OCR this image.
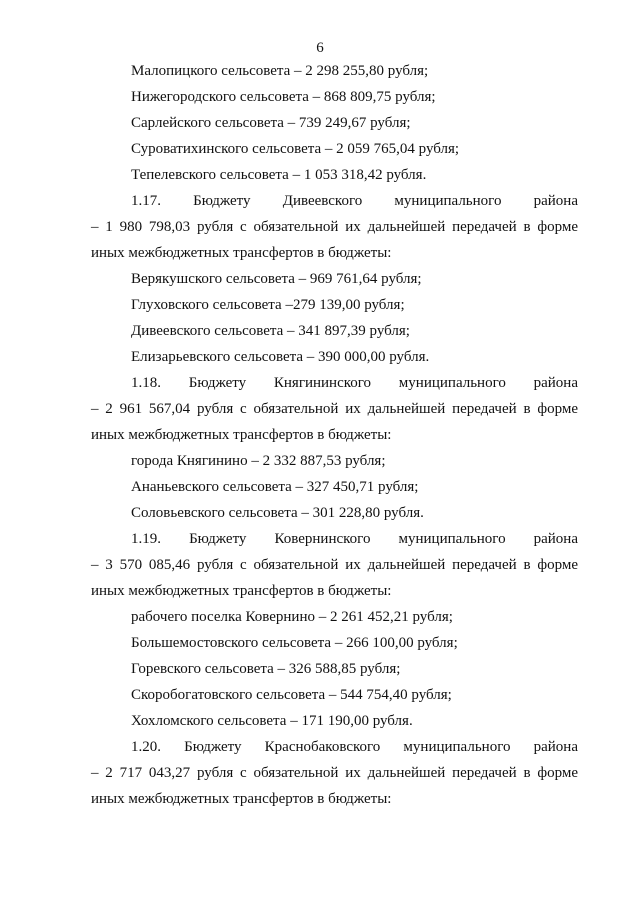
6
Малопицкого сельсовета – 2 298 255,80 рубля;
Нижегородского сельсовета – 868 809,75 рубля;
Сарлейского сельсовета – 739 249,67 рубля;
Суроватихинского сельсовета – 2 059 765,04 рубля;
Тепелевского сельсовета – 1 053 318,42 рубля.
1.17. Бюджету Дивеевского муниципального района
– 1 980 798,03 рубля с обязательной их дальнейшей передачей в форме
иных межбюджетных трансфертов в бюджеты:
Верякушского сельсовета – 969 761,64 рубля;
Глуховского сельсовета –279 139,00 рубля;
Дивеевского сельсовета – 341 897,39 рубля;
Елизарьевского сельсовета – 390 000,00 рубля.
1.18. Бюджету Княгининского муниципального района
– 2 961 567,04 рубля с обязательной их дальнейшей передачей в форме
иных межбюджетных трансфертов в бюджеты:
города Княгинино – 2 332 887,53 рубля;
Ананьевского сельсовета – 327 450,71 рубля;
Соловьевского сельсовета – 301 228,80 рубля.
1.19. Бюджету Ковернинского муниципального района
– 3 570 085,46 рубля с обязательной их дальнейшей передачей в форме
иных межбюджетных трансфертов в бюджеты:
рабочего поселка Ковернино – 2 261 452,21 рубля;
Большемостовского сельсовета – 266 100,00 рубля;
Горевского сельсовета – 326 588,85 рубля;
Скоробогатовского сельсовета – 544 754,40 рубля;
Хохломского сельсовета – 171 190,00 рубля.
1.20. Бюджету Краснобаковского муниципального района
– 2 717 043,27 рубля с обязательной их дальнейшей передачей в форме
иных межбюджетных трансфертов в бюджеты:
